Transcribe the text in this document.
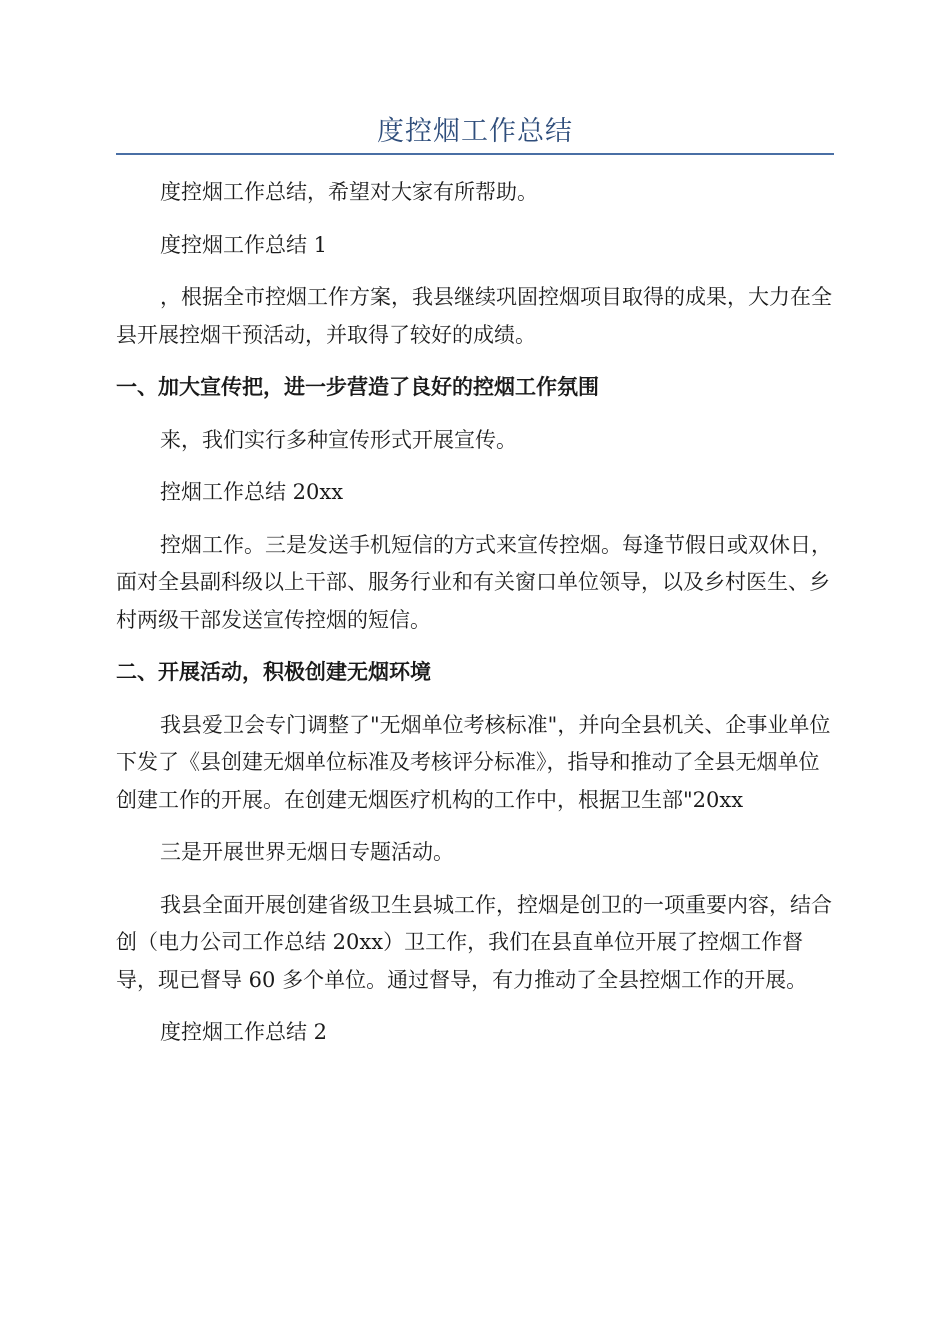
度控烟工作总结

度控烟工作总结，希望对大家有所帮助。

度控烟工作总结 1

，根据全市控烟工作方案，我县继续巩固控烟项目取得的成果，大力在全县开展控烟干预活动，并取得了较好的成绩。

一、加大宣传把，进一步营造了良好的控烟工作氛围

来，我们实行多种宣传形式开展宣传。

控烟工作总结 20xx

控烟工作。三是发送手机短信的方式来宣传控烟。每逢节假日或双休日，面对全县副科级以上干部、服务行业和有关窗口单位领导，以及乡村医生、乡村两级干部发送宣传控烟的短信。

二、开展活动，积极创建无烟环境

我县爱卫会专门调整了"无烟单位考核标准"，并向全县机关、企事业单位下发了《县创建无烟单位标准及考核评分标准》，指导和推动了全县无烟单位创建工作的开展。在创建无烟医疗机构的工作中，根据卫生部"20xx

三是开展世界无烟日专题活动。

我县全面开展创建省级卫生县城工作，控烟是创卫的一项重要内容，结合创（电力公司工作总结 20xx）卫工作，我们在县直单位开展了控烟工作督导，现已督导 60 多个单位。通过督导，有力推动了全县控烟工作的开展。

度控烟工作总结 2
